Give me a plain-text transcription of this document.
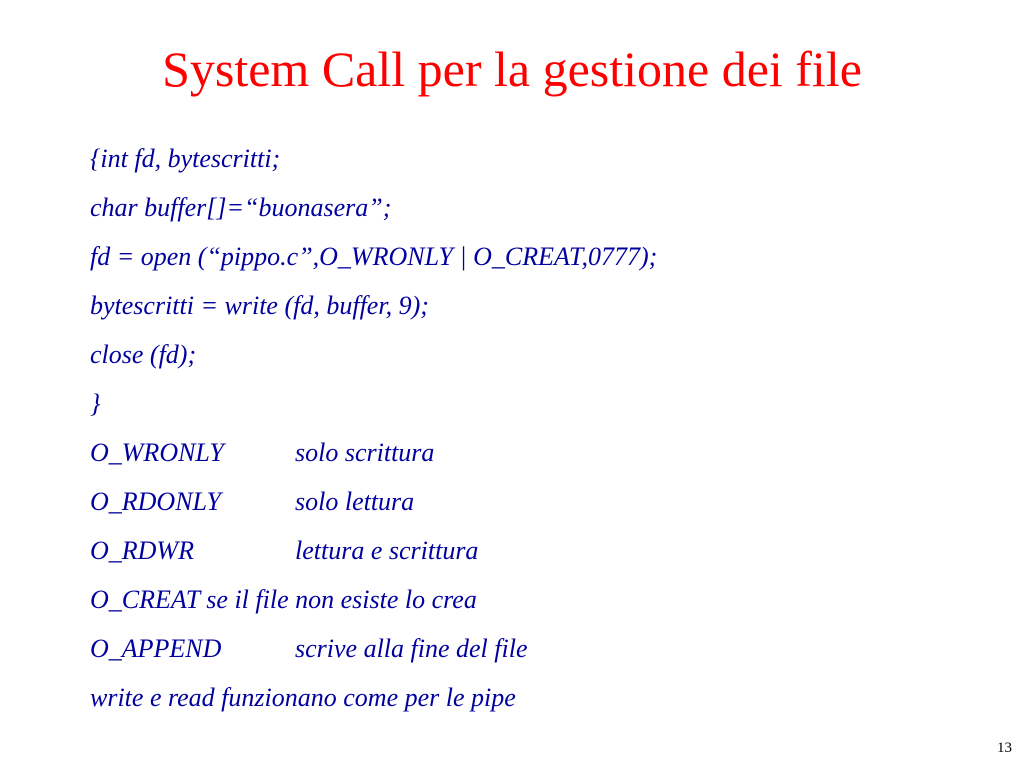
System Call per la gestione dei file
{int fd, bytescritti;
char buffer[]=“buonasera”;
fd = open (“pippo.c”,O_WRONLY | O_CREAT,0777);
bytescritti = write (fd, buffer, 9);
close (fd);
}
O_WRONLY	solo scrittura
O_RDONLY	solo lettura
O_RDWR	lettura e scrittura
O_CREAT se il file non esiste lo crea
O_APPEND	scrive alla fine del file
write e read funzionano come per le pipe
13
